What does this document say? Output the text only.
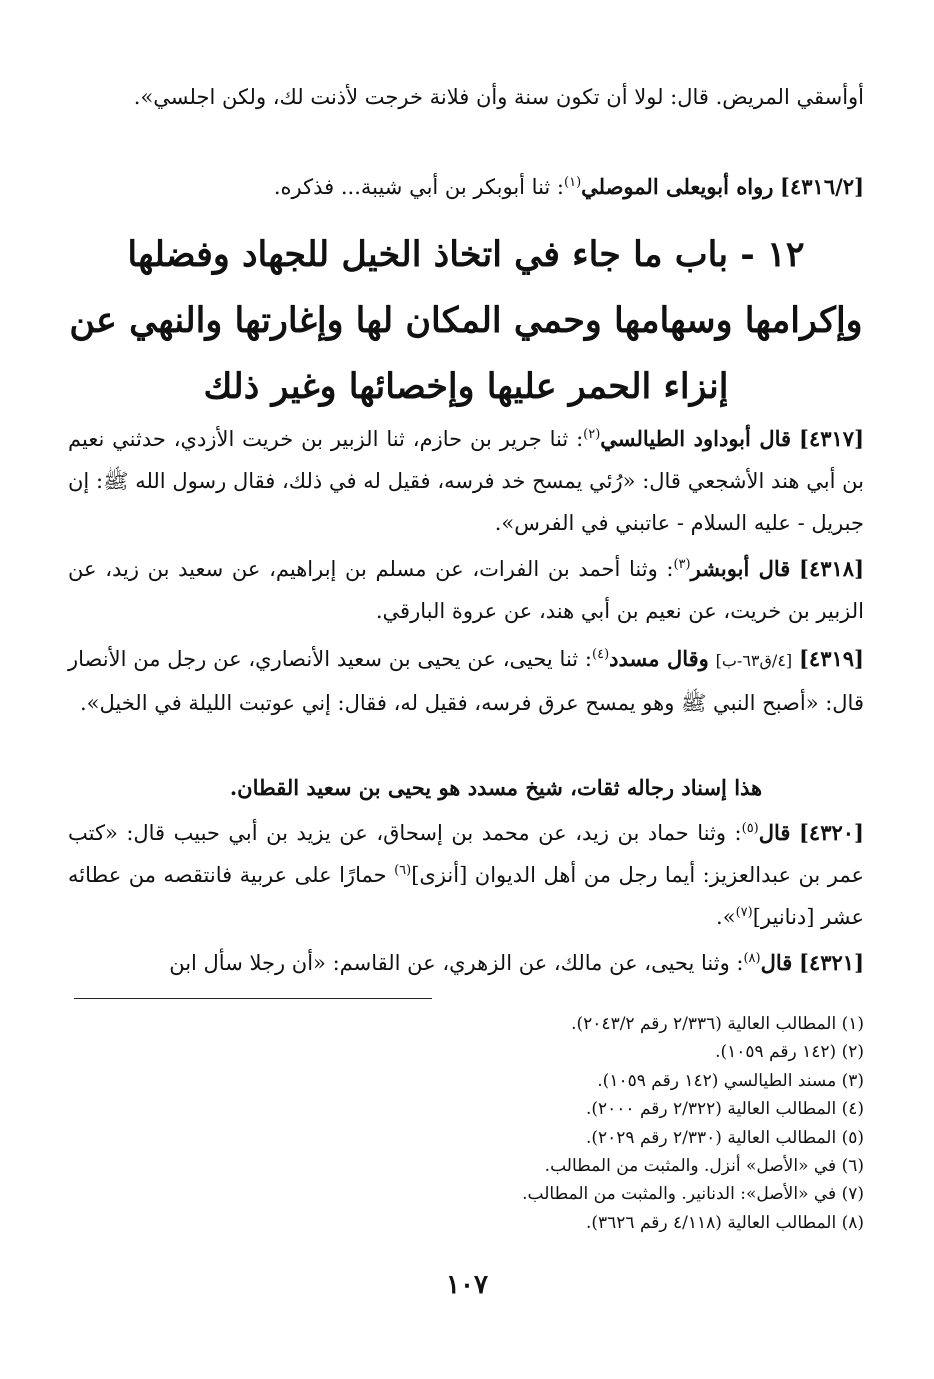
أوأسقي المريض. قال: لولا أن تكون سنة وأن فلانة خرجت لأذنت لك، ولكن اجلسي».

[٤٣١٦/٢] رواه أبويعلى الموصلي$^{(١)}$: ثنا أبوبكر بن أبي شيبة... فذكره.

١٢ - باب ما جاء في اتخاذ الخيل للجهاد وفضلها وإكرامها وسهامها وحمي المكان لها وإغارتها والنهي عن إنزاء الحمر عليها وإخصائها وغير ذلك

[٤٣١٧] قال أبوداود الطيالسي$^{(٢)}$: ثنا جرير بن حازم، ثنا الزبير بن خريت الأزدي، حدثني نعيم بن أبي هند الأشجعي قال: «رُئي يمسح خد فرسه، فقيل له في ذلك، فقال رسول الله ﷺ: إن جبريل - عليه السلام - عاتبني في الفرس».

[٤٣١٨] قال أبوبشر$^{(٣)}$: وثنا أحمد بن الفرات، عن مسلم بن إبراهيم، عن سعيد بن زيد، عن الزبير بن خريت، عن نعيم بن أبي هند، عن عروة البارقي.

[٤٣١٩] [٤/ق٦٣-ب] وقال مسدد$^{(٤)}$: ثنا يحيى، عن يحيى بن سعيد الأنصاري، عن رجل من الأنصار قال: «أصبح النبي ﷺ وهو يمسح عرق فرسه، فقيل له، فقال: إني عوتبت الليلة في الخيل».

هذا إسناد رجاله ثقات، شيخ مسدد هو يحيى بن سعيد القطان.

[٤٣٢٠] قال$^{(٥)}$: وثنا حماد بن زيد، عن محمد بن إسحاق، عن يزيد بن أبي حبيب قال: «كتب عمر بن عبدالعزيز: أيما رجل من أهل الديوان [أنزى]$^{(٦)}$ حمارًا على عربية فانتقصه من عطائه عشر [دنانير]$^{(٧)}$».

[٤٣٢١] قال$^{(٨)}$: وثنا يحيى، عن مالك، عن الزهري، عن القاسم: «أن رجلا سأل ابن

(١) المطالب العالية (٢/٣٣٦ رقم ٢٠٤٣/٢).
(٢) (١٤٢ رقم ١٠٥٩).
(٣) مسند الطيالسي (١٤٢ رقم ١٠٥٩).
(٤) المطالب العالية (٢/٣٢٢ رقم ٢٠٠٠).
(٥) المطالب العالية (٢/٣٣٠ رقم ٢٠٢٩).
(٦) في «الأصل» أنزل. والمثبت من المطالب.
(٧) في «الأصل»: الدنانير. والمثبت من المطالب.
(٨) المطالب العالية (٤/١١٨ رقم ٣٦٢٦).
١٠٧
